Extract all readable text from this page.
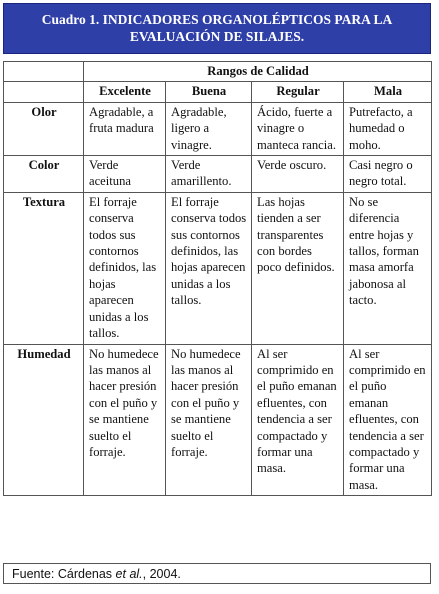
Cuadro 1. INDICADORES ORGANOLÉPTICOS PARA LA
EVALUACIÓN DE SILAJES.
	Rangos de Calidad			
	Excelente	Buena	Regular	Mala
Olor	Agradable, a fruta madura	Agradable, ligero a vinagre.	Ácido, fuerte a vinagre o manteca rancia.	Putrefacto, a humedad o moho.
Color	Verde aceituna	Verde amarillento.	Verde oscuro.	Casi negro o negro total.
Textura	El forraje conserva todos sus contornos definidos, las hojas aparecen unidas a los tallos.	El forraje conserva todos sus contornos definidos, las hojas aparecen unidas a los tallos.	Las hojas tienden a ser transparentes con bordes poco definidos.	No se diferencia entre hojas y tallos, forman masa amorfa jabonosa al tacto.
Humedad	No humedece las manos al hacer presión con el puño y se mantiene suelto el forraje.	No humedece las manos al hacer presión con el puño y se mantiene suelto el forraje.	Al ser comprimido en el puño emanan efluentes, con tendencia a ser compactado y formar una masa.	Al ser comprimido en el puño emanan efluentes, con tendencia a ser compactado y formar una masa.
Fuente: Cárdenas et al., 2004.
